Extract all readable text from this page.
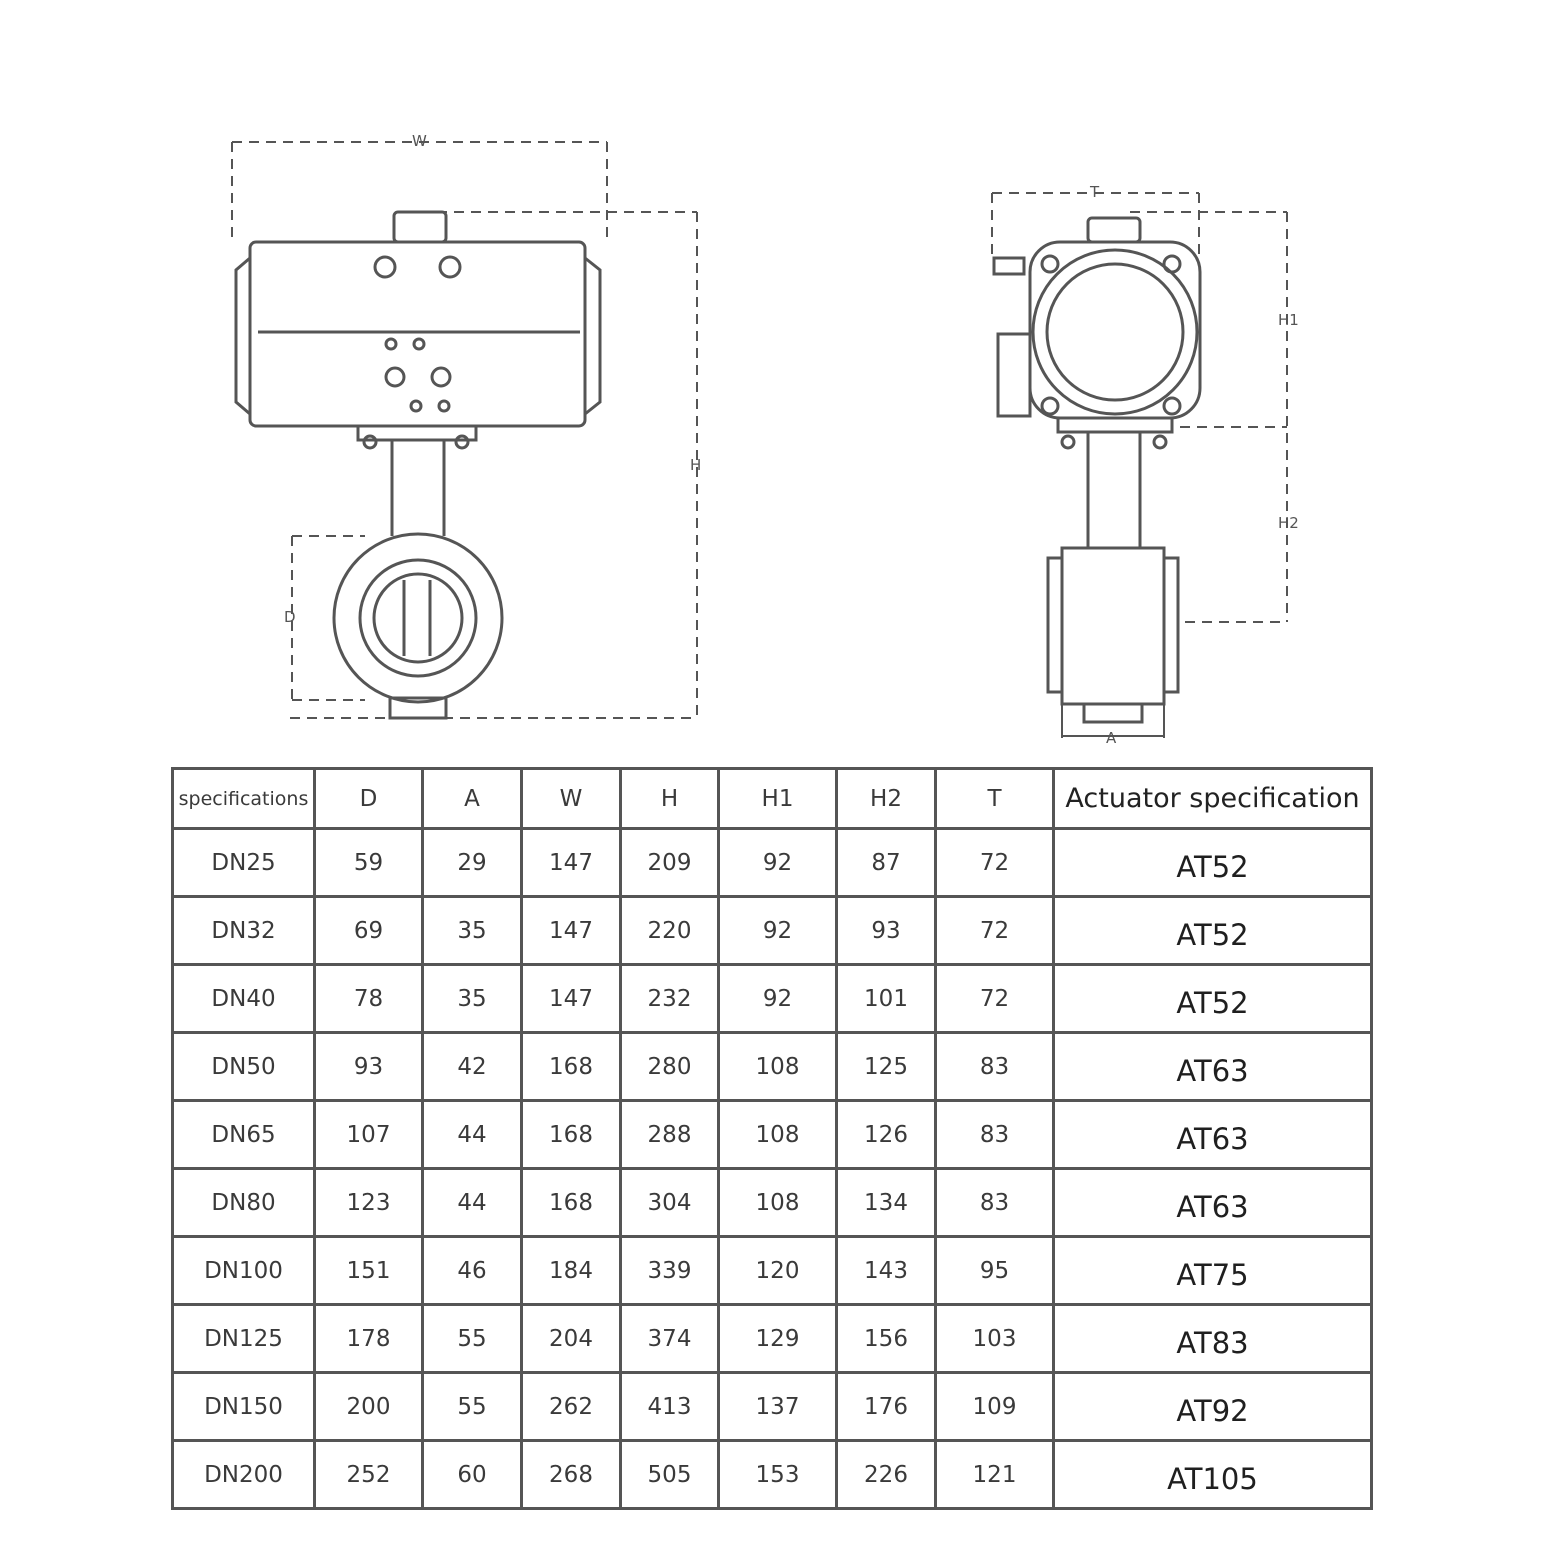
W
H
D
T
H1
H2
A
specifications	D	A	W	H	H1	H2	T	Actuator specification
DN25	59	29	147	209	92	87	72	AT52
DN32	69	35	147	220	92	93	72	AT52
DN40	78	35	147	232	92	101	72	AT52
DN50	93	42	168	280	108	125	83	AT63
DN65	107	44	168	288	108	126	83	AT63
DN80	123	44	168	304	108	134	83	AT63
DN100	151	46	184	339	120	143	95	AT75
DN125	178	55	204	374	129	156	103	AT83
DN150	200	55	262	413	137	176	109	AT92
DN200	252	60	268	505	153	226	121	AT105
